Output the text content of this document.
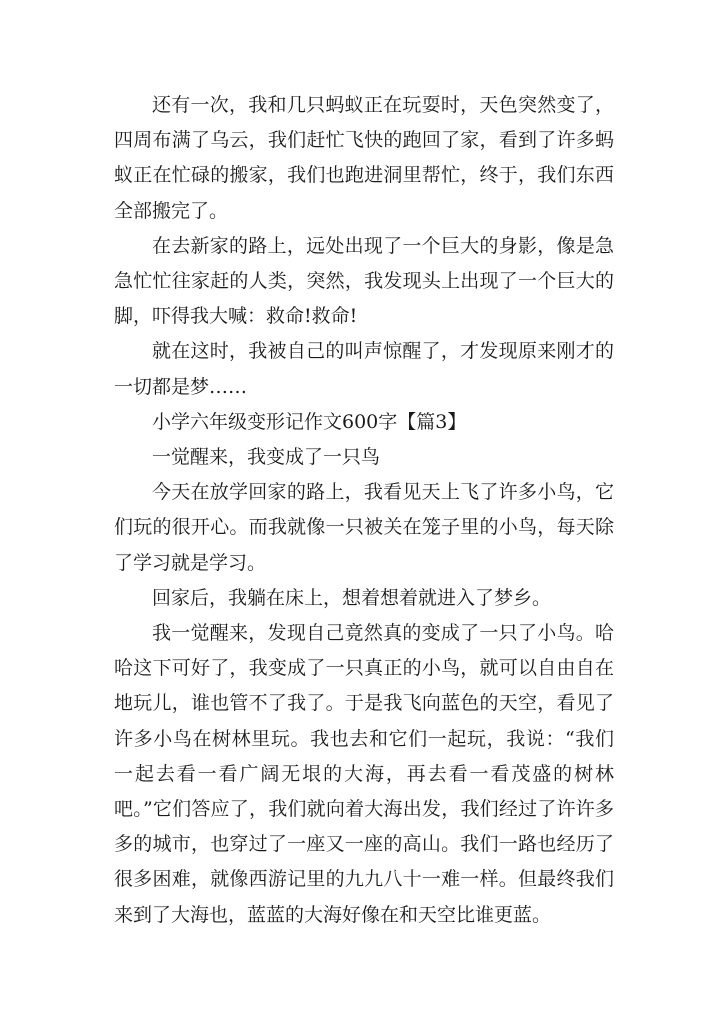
还有一次，我和几只蚂蚁正在玩耍时，天色突然变了，四周布满了乌云，我们赶忙飞快的跑回了家，看到了许多蚂蚁正在忙碌的搬家，我们也跑进洞里帮忙，终于，我们东西全部搬完了。

在去新家的路上，远处出现了一个巨大的身影，像是急急忙忙往家赶的人类，突然，我发现头上出现了一个巨大的脚，吓得我大喊：救命!救命!

就在这时，我被自己的叫声惊醒了，才发现原来刚才的一切都是梦……

小学六年级变形记作文600字【篇3】

一觉醒来，我变成了一只鸟

今天在放学回家的路上，我看见天上飞了许多小鸟，它们玩的很开心。而我就像一只被关在笼子里的小鸟，每天除了学习就是学习。

回家后，我躺在床上，想着想着就进入了梦乡。

我一觉醒来，发现自己竟然真的变成了一只了小鸟。哈哈这下可好了，我变成了一只真正的小鸟，就可以自由自在地玩儿，谁也管不了我了。于是我飞向蓝色的天空，看见了许多小鸟在树林里玩。我也去和它们一起玩，我说：“我们一起去看一看广阔无垠的大海，再去看一看茂盛的树林吧。”它们答应了，我们就向着大海出发，我们经过了许许多多的城市，也穿过了一座又一座的高山。我们一路也经历了很多困难，就像西游记里的九九八十一难一样。但最终我们来到了大海也，蓝蓝的大海好像在和天空比谁更蓝。
